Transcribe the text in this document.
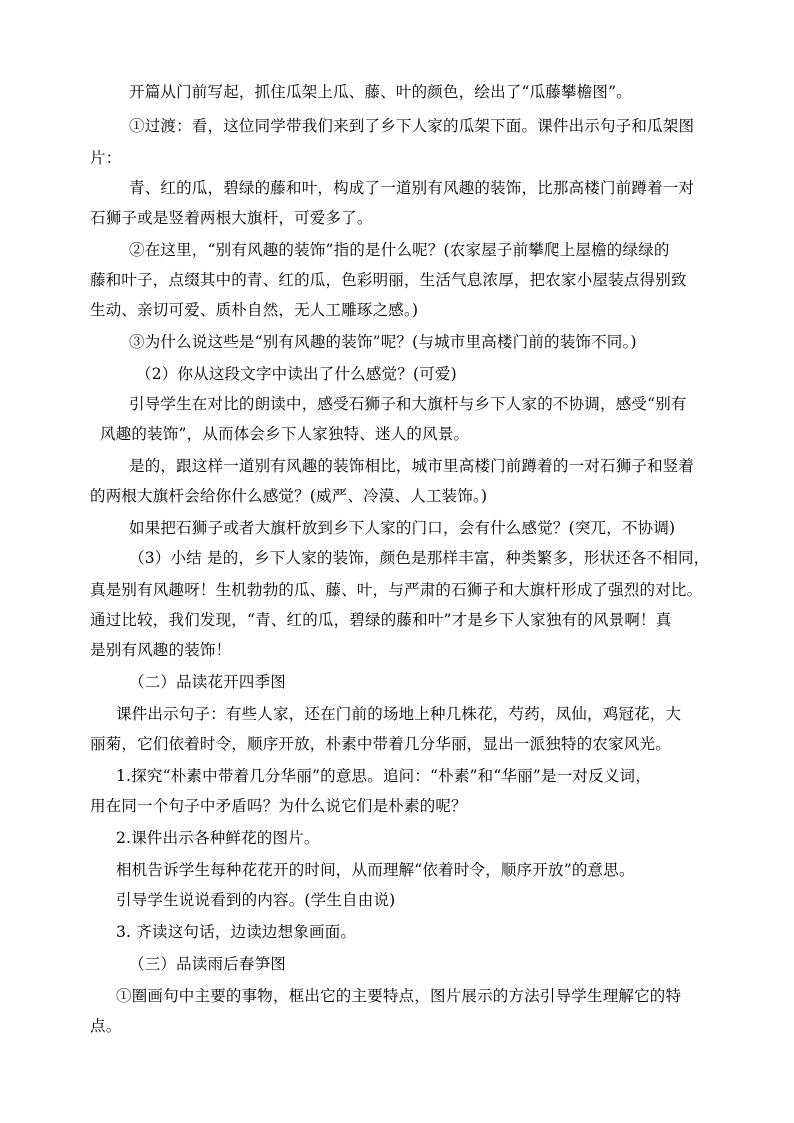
开篇从门前写起，抓住瓜架上瓜、藤、叶的颜色，绘出了“瓜藤攀檐图”。
①过渡：看，这位同学带我们来到了乡下人家的瓜架下面。课件出示句子和瓜架图
片：
青、红的瓜，碧绿的藤和叶，构成了一道别有风趣的装饰，比那高楼门前蹲着一对
石狮子或是竖着两根大旗杆，可爱多了。
②在这里，“别有风趣的装饰”指的是什么呢？(农家屋子前攀爬上屋檐的绿绿的
藤和叶子，点缀其中的青、红的瓜，色彩明丽，生活气息浓厚，把农家小屋装点得别致
生动、亲切可爱、质朴自然，无人工雕琢之感。)
③为什么说这些是“别有风趣的装饰”呢？(与城市里高楼门前的装饰不同。)
（2）你从这段文字中读出了什么感觉？(可爱)
引导学生在对比的朗读中，感受石狮子和大旗杆与乡下人家的不协调，感受“别有
风趣的装饰”，从而体会乡下人家独特、迷人的风景。
是的，跟这样一道别有风趣的装饰相比，城市里高楼门前蹲着的一对石狮子和竖着
的两根大旗杆会给你什么感觉？(威严、冷漠、人工装饰。)
如果把石狮子或者大旗杆放到乡下人家的门口，会有什么感觉？(突兀，不协调)
（3）小结 是的，乡下人家的装饰，颜色是那样丰富，种类繁多，形状还各不相同，
真是别有风趣呀！生机勃勃的瓜、藤、叶，与严肃的石狮子和大旗杆形成了强烈的对比。
通过比较，我们发现，“青、红的瓜，碧绿的藤和叶”才是乡下人家独有的风景啊！真
是别有风趣的装饰！
（二）品读花开四季图
课件出示句子：有些人家，还在门前的场地上种几株花，芍药，凤仙，鸡冠花，大
丽菊，它们依着时令，顺序开放，朴素中带着几分华丽，显出一派独特的农家风光。
1.探究“朴素中带着几分华丽”的意思。追问：“朴素”和“华丽”是一对反义词，
用在同一个句子中矛盾吗？为什么说它们是朴素的呢？
2.课件出示各种鲜花的图片。
相机告诉学生每种花花开的时间，从而理解“依着时令，顺序开放”的意思。
引导学生说说看到的内容。(学生自由说)
3. 齐读这句话，边读边想象画面。
（三）品读雨后春笋图
①圈画句中主要的事物，框出它的主要特点，图片展示的方法引导学生理解它的特
点。
